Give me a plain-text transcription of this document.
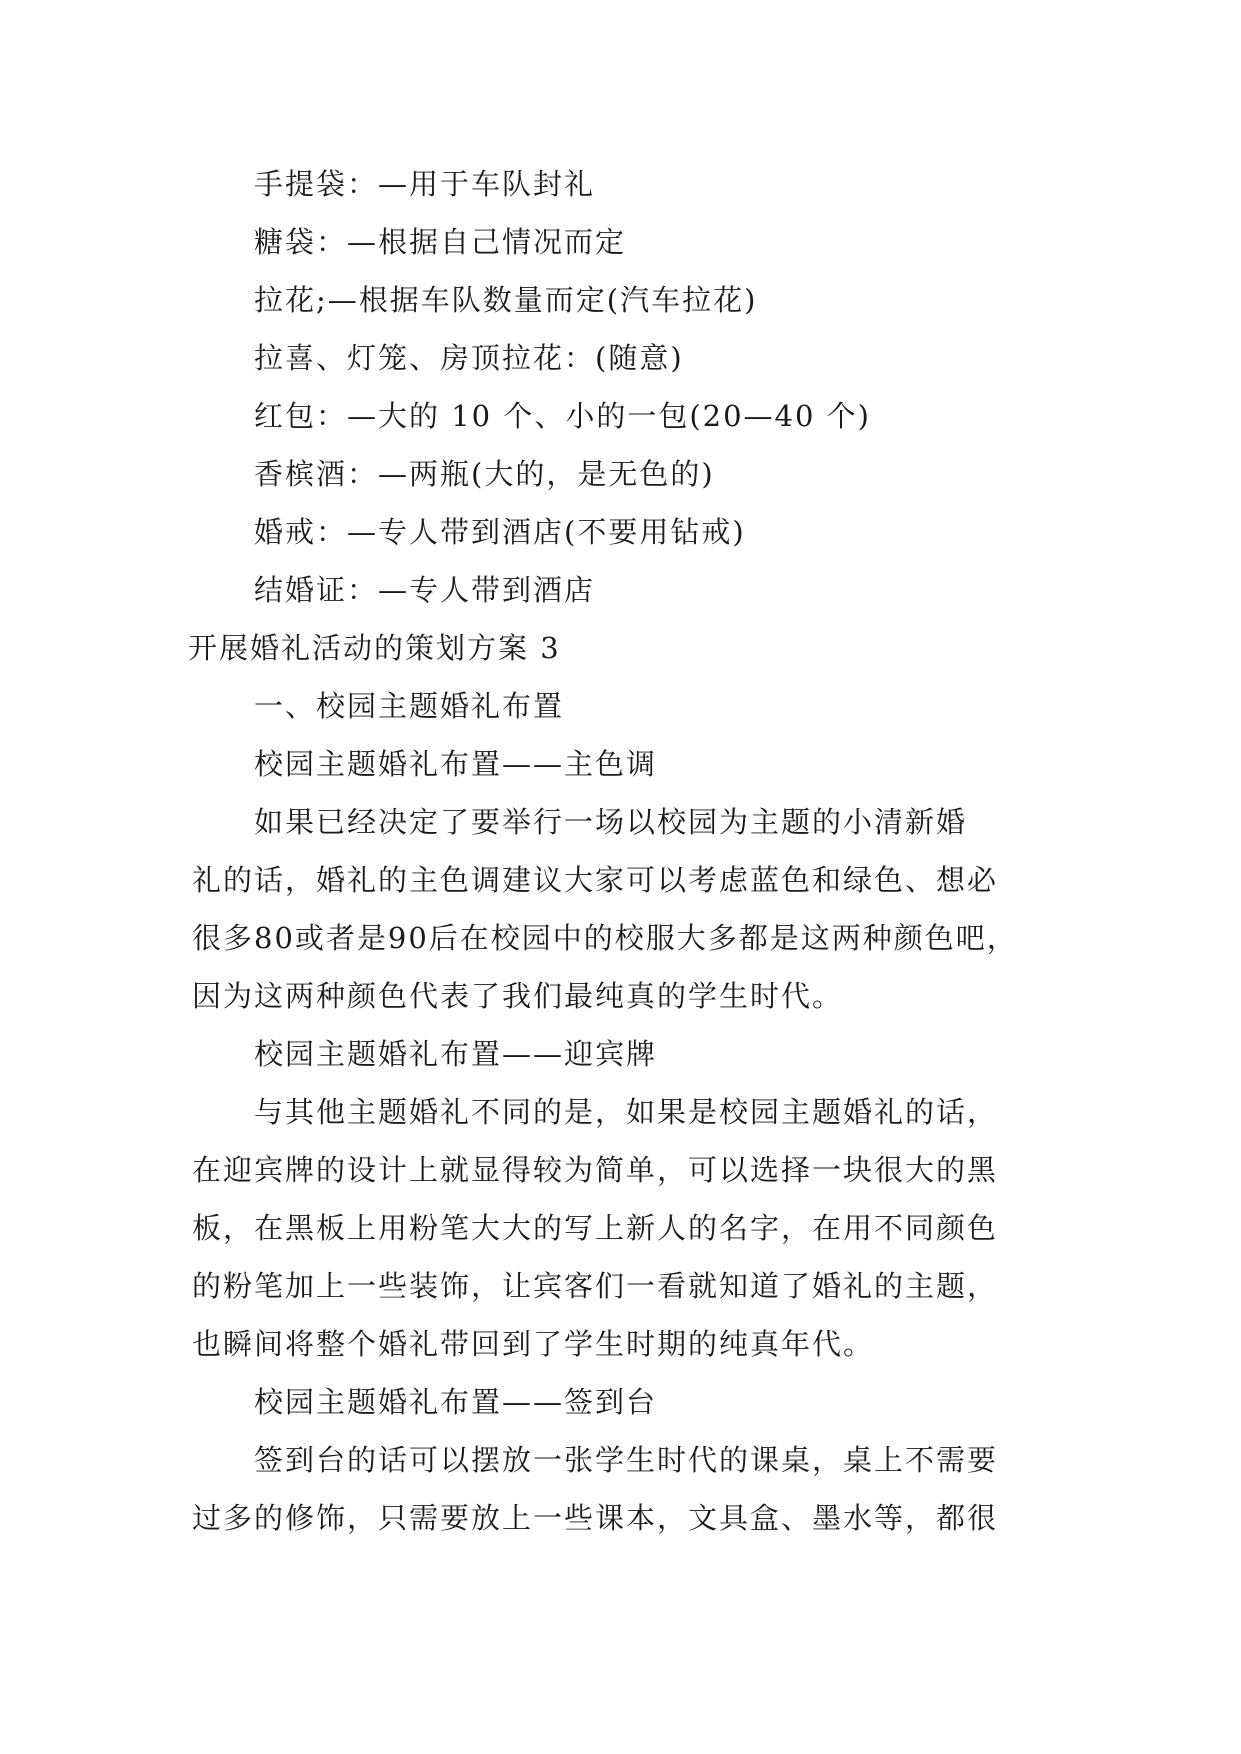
手提袋：—用于车队封礼
糖袋：—根据自己情况而定
拉花;—根据车队数量而定(汽车拉花)
拉喜、灯笼、房顶拉花：(随意)
红包：—大的 10 个、小的一包(20—40 个)
香槟酒：—两瓶(大的，是无色的)
婚戒：—专人带到酒店(不要用钻戒)
结婚证：—专人带到酒店
开展婚礼活动的策划方案 3
一、校园主题婚礼布置
校园主题婚礼布置——主色调
如果已经决定了要举行一场以校园为主题的小清新婚
礼的话，婚礼的主色调建议大家可以考虑蓝色和绿色、想必
很多80或者是90后在校园中的校服大多都是这两种颜色吧，
因为这两种颜色代表了我们最纯真的学生时代。
校园主题婚礼布置——迎宾牌
与其他主题婚礼不同的是，如果是校园主题婚礼的话，
在迎宾牌的设计上就显得较为简单，可以选择一块很大的黑
板，在黑板上用粉笔大大的写上新人的名字，在用不同颜色
的粉笔加上一些装饰，让宾客们一看就知道了婚礼的主题，
也瞬间将整个婚礼带回到了学生时期的纯真年代。
校园主题婚礼布置——签到台
签到台的话可以摆放一张学生时代的课桌，桌上不需要
过多的修饰，只需要放上一些课本，文具盒、墨水等，都很
